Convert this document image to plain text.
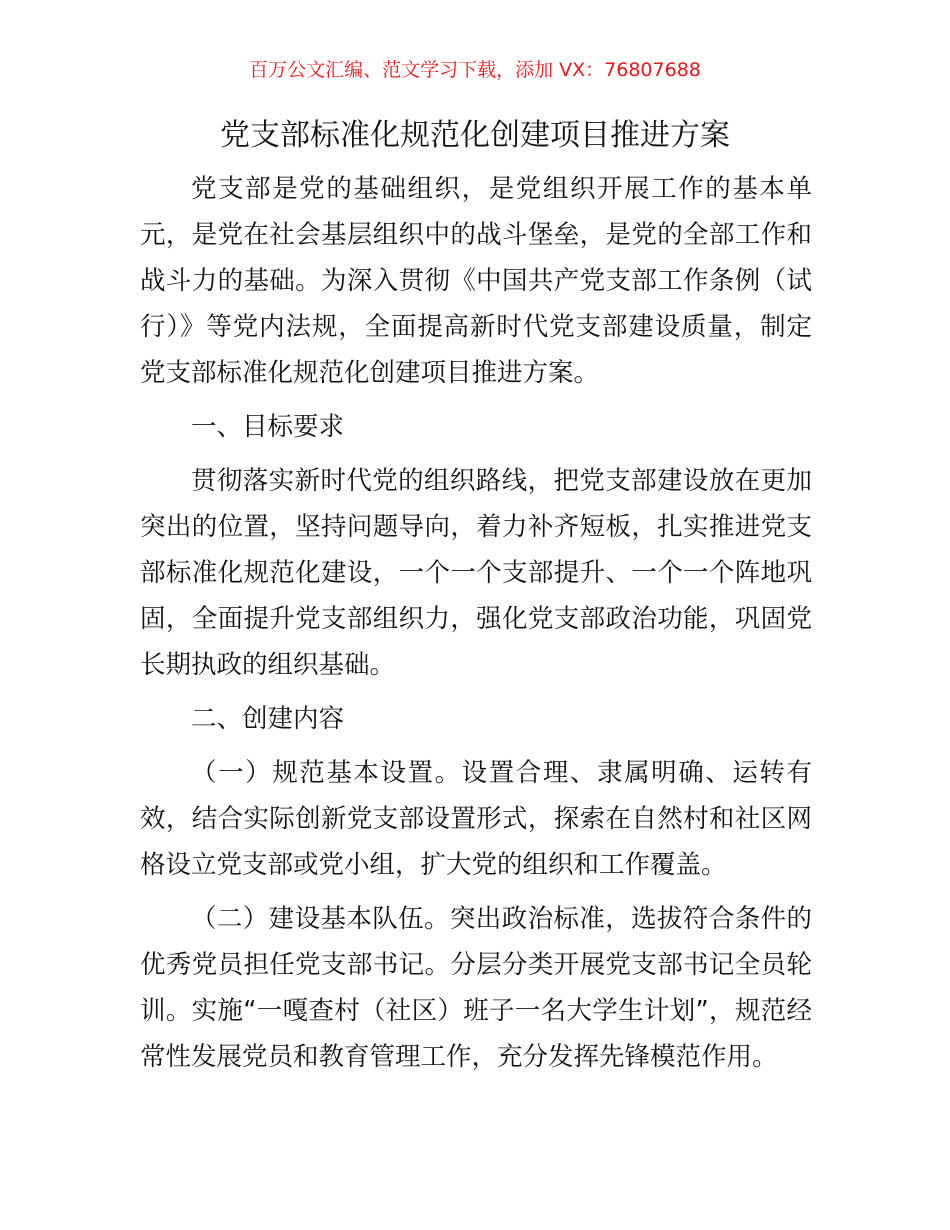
百万公文汇编、范文学习下载，添加 VX：76807688
党支部标准化规范化创建项目推进方案

党支部是党的基础组织，是党组织开展工作的基本单元，是党在社会基层组织中的战斗堡垒，是党的全部工作和战斗力的基础。为深入贯彻《中国共产党支部工作条例（试行）》等党内法规，全面提高新时代党支部建设质量，制定党支部标准化规范化创建项目推进方案。

一、目标要求

贯彻落实新时代党的组织路线，把党支部建设放在更加突出的位置，坚持问题导向，着力补齐短板，扎实推进党支部标准化规范化建设，一个一个支部提升、一个一个阵地巩固，全面提升党支部组织力，强化党支部政治功能，巩固党长期执政的组织基础。

二、创建内容

（一）规范基本设置。设置合理、隶属明确、运转有效，结合实际创新党支部设置形式，探索在自然村和社区网格设立党支部或党小组，扩大党的组织和工作覆盖。

（二）建设基本队伍。突出政治标准，选拔符合条件的优秀党员担任党支部书记。分层分类开展党支部书记全员轮训。实施“一嘎查村（社区）班子一名大学生计划”，规范经常性发展党员和教育管理工作，充分发挥先锋模范作用。
